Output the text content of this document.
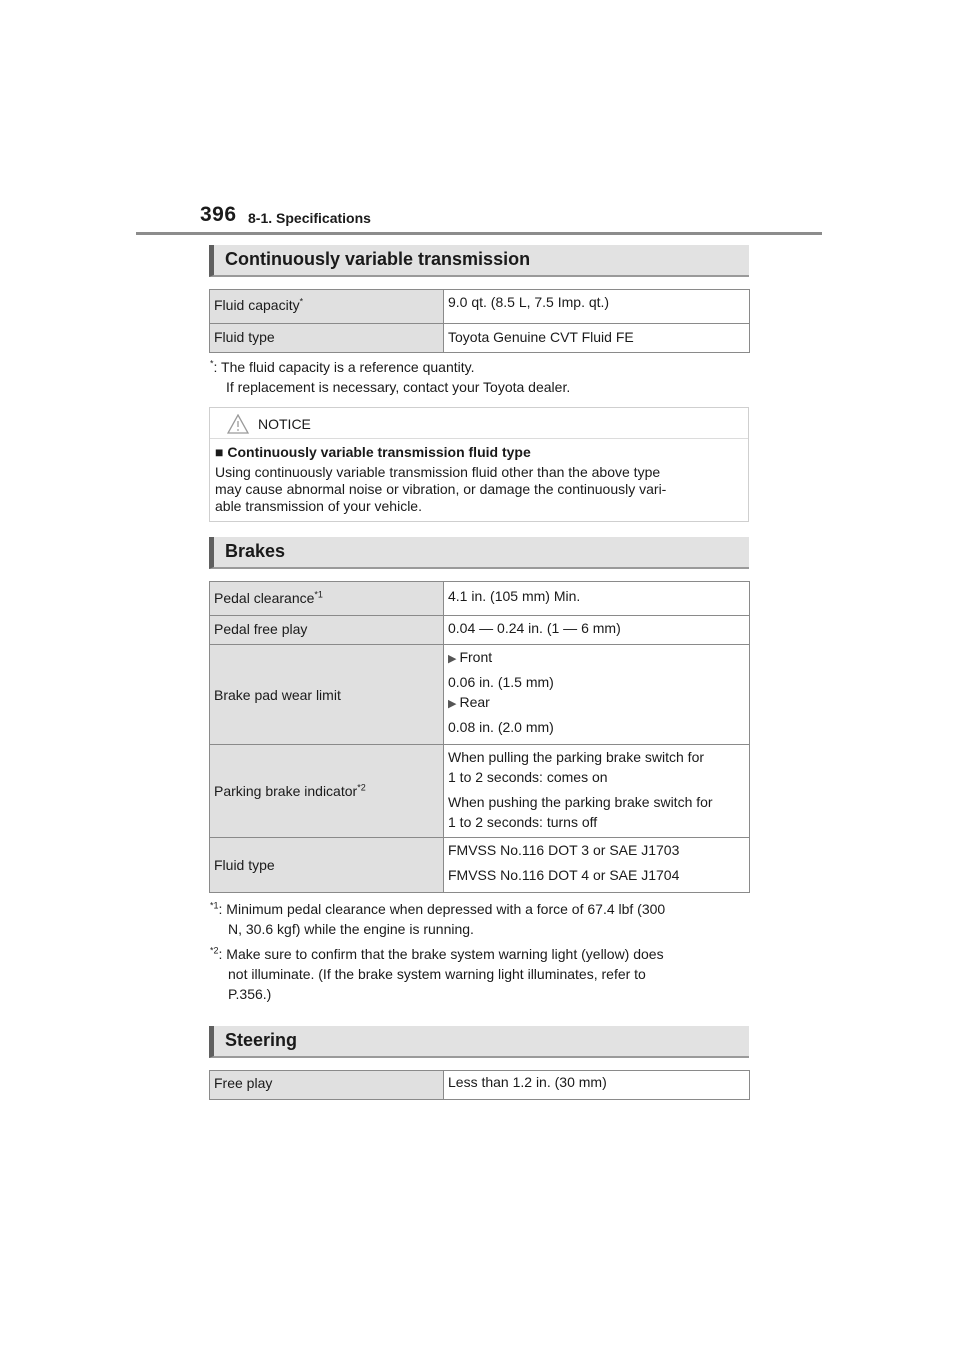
396 8-1. Specifications
Continuously variable transmission
Fluid capacity*	9.0 qt. (8.5 L, 7.5 Imp. qt.)
Fluid type	Toyota Genuine CVT Fluid FE
*: The fluid capacity is a reference quantity.
If replacement is necessary, contact your Toyota dealer.
NOTICE
■ Continuously variable transmission fluid type
Using continuously variable transmission fluid other than the above type
may cause abnormal noise or vibration, or damage the continuously vari-
able transmission of your vehicle.
Brakes
Pedal clearance$^{*1}$	4.1 in. (105 mm) Min.
Pedal free play	0.04 — 0.24 in. (1 — 6 mm)
Brake pad wear limit	▶ Front
0.06 in. (1.5 mm)
▶ Rear
0.08 in. (2.0 mm)

Parking brake indicator$^{*2}$	When pulling the parking brake switch for
1 to 2 seconds: comes on
When pushing the parking brake switch for
1 to 2 seconds: turns off

Fluid type	FMVSS No.116 DOT 3 or SAE J1703
FMVSS No.116 DOT 4 or SAE J1704
$^{*1}$: Minimum pedal clearance when depressed with a force of 67.4 lbf (300
N, 30.6 kgf) while the engine is running.
$^{*2}$: Make sure to confirm that the brake system warning light (yellow) does
not illuminate. (If the brake system warning light illuminates, refer to
P.356.)
Steering
Free play	Less than 1.2 in. (30 mm)
